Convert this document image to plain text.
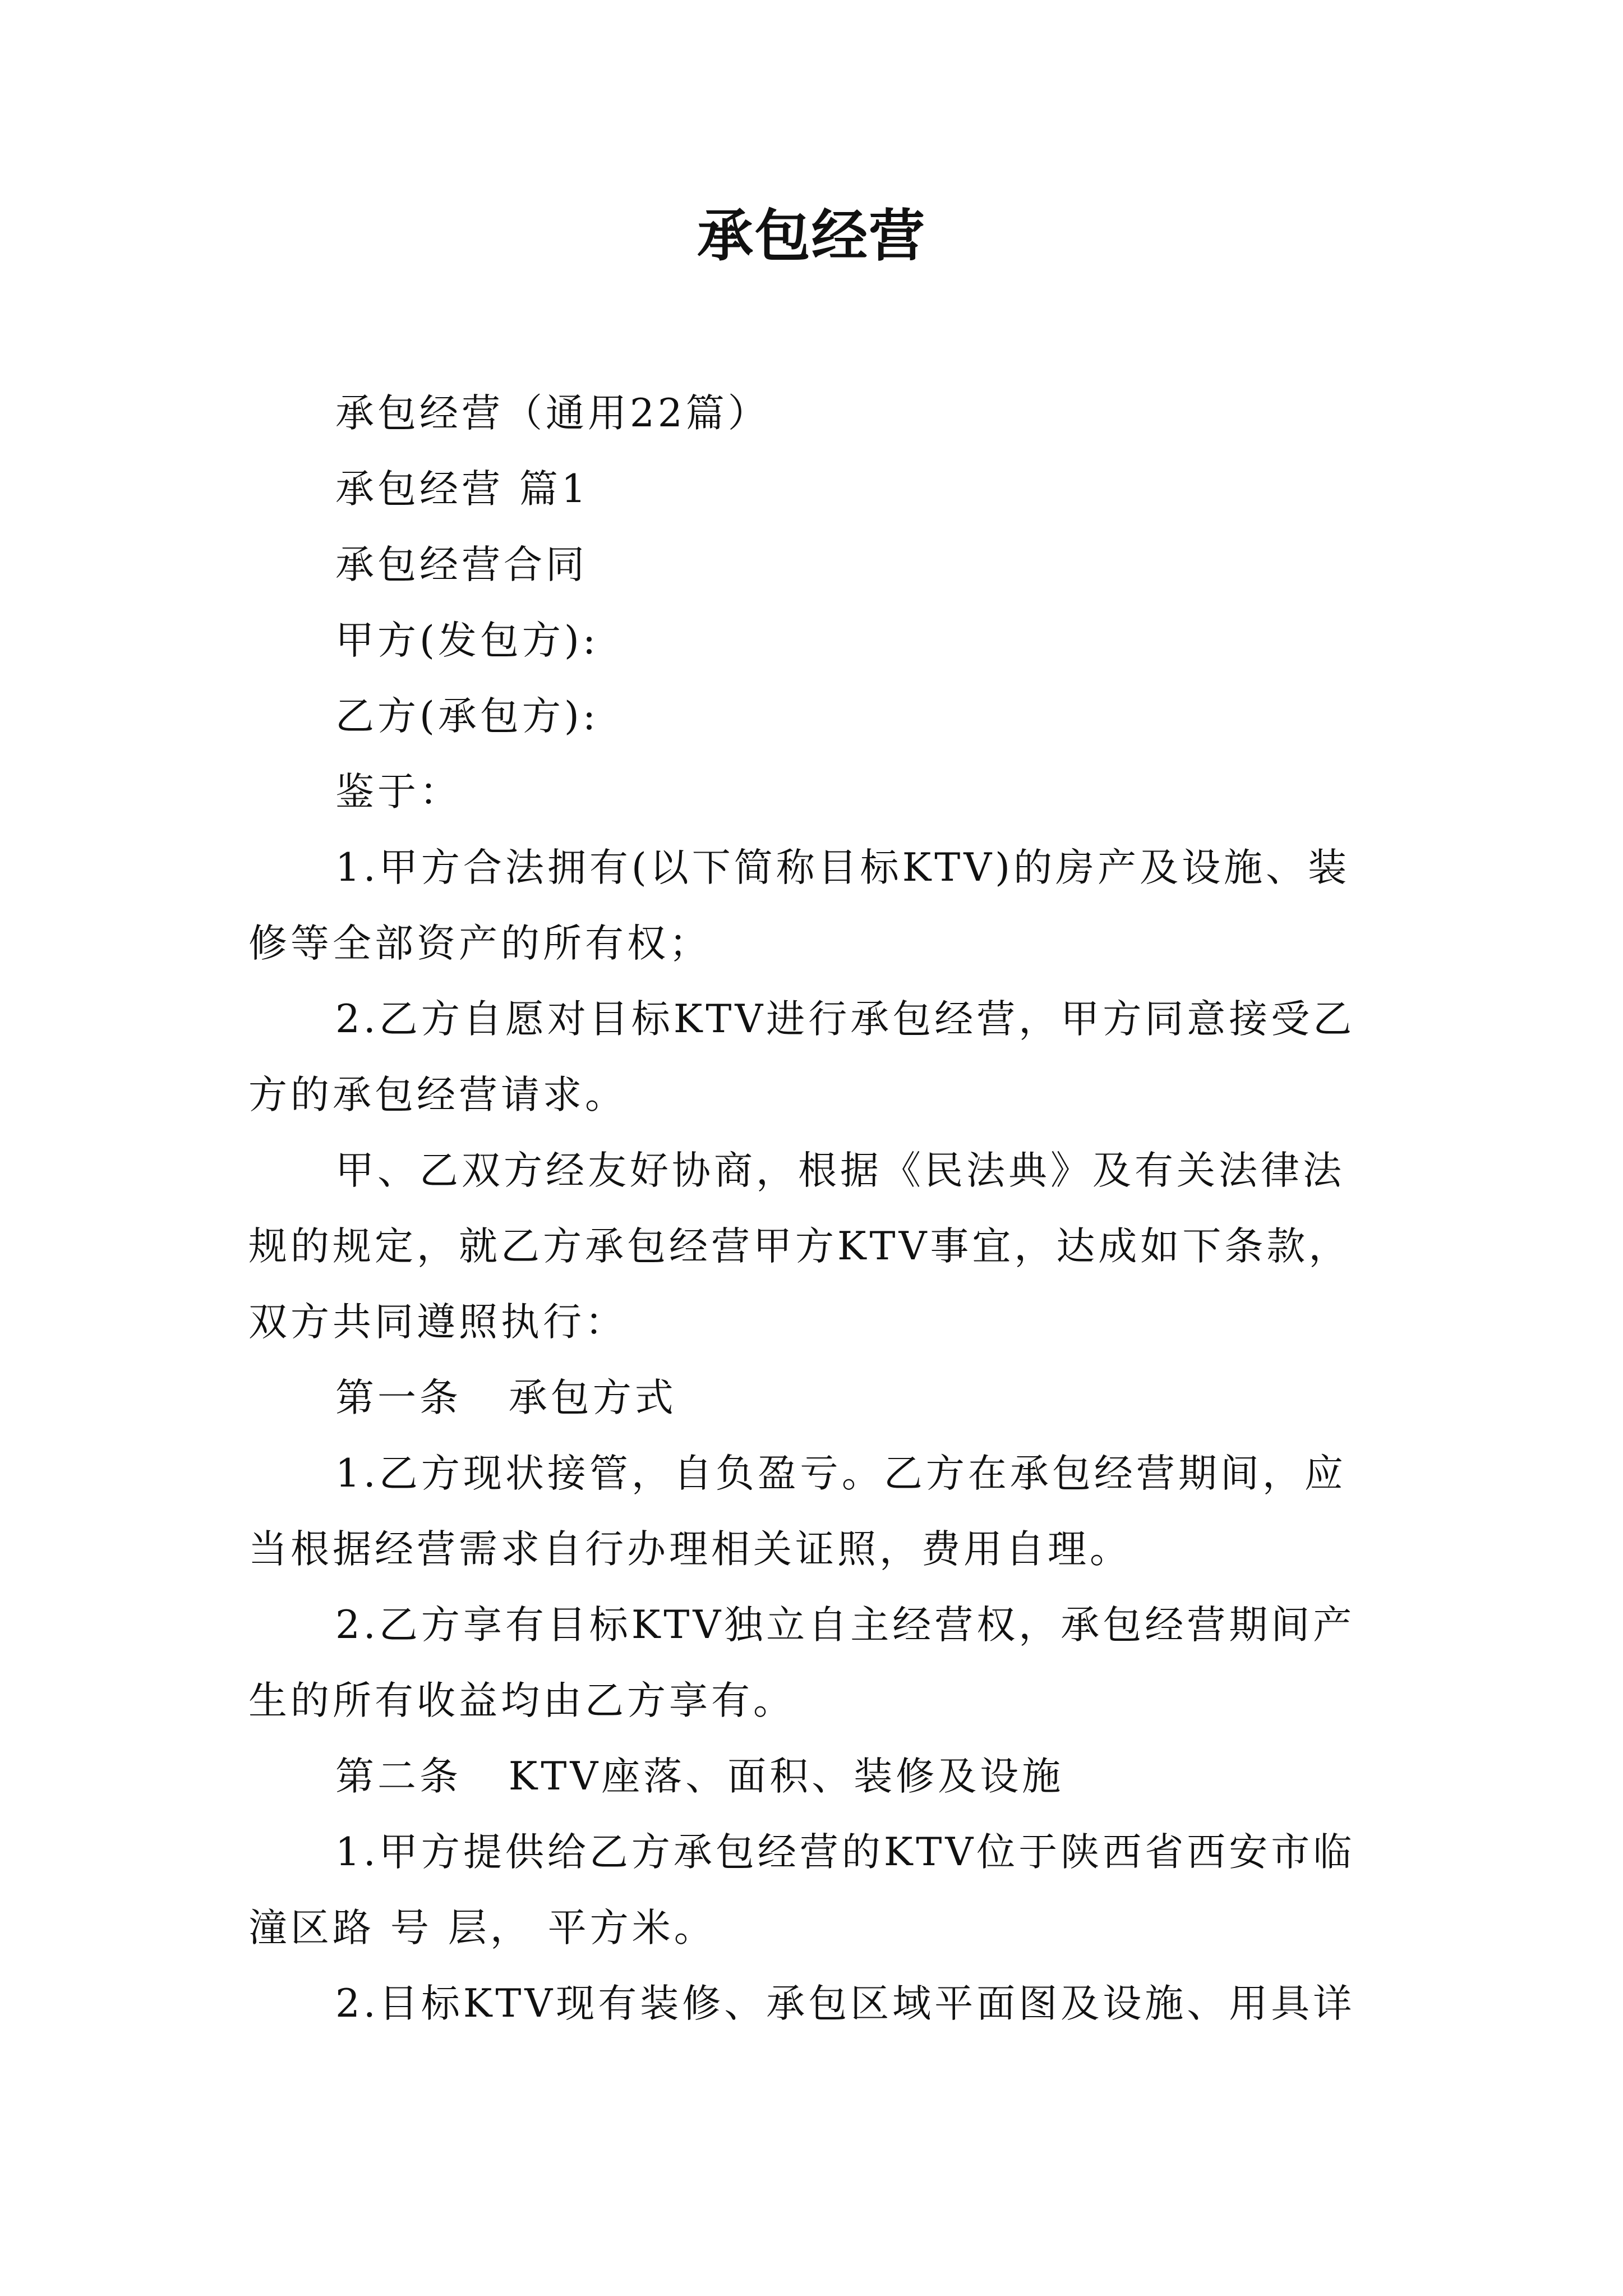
承包经营

承包经营（通用22篇）

承包经营 篇1

承包经营合同

甲方(发包方):

乙方(承包方):

鉴于：

1.甲方合法拥有(以下简称目标KTV)的房产及设施、装修等全部资产的所有权；

2.乙方自愿对目标KTV进行承包经营，甲方同意接受乙方的承包经营请求。

甲、乙双方经友好协商，根据《民法典》及有关法律法规的规定，就乙方承包经营甲方KTV事宜，达成如下条款，双方共同遵照执行：

第一条   承包方式

1.乙方现状接管，自负盈亏。乙方在承包经营期间，应当根据经营需求自行办理相关证照，费用自理。

2.乙方享有目标KTV独立自主经营权，承包经营期间产生的所有收益均由乙方享有。

第二条   KTV座落、面积、装修及设施

1.甲方提供给乙方承包经营的KTV位于陕西省西安市临潼区路 号 层， 平方米。

2.目标KTV现有装修、承包区域平面图及设施、用具详
